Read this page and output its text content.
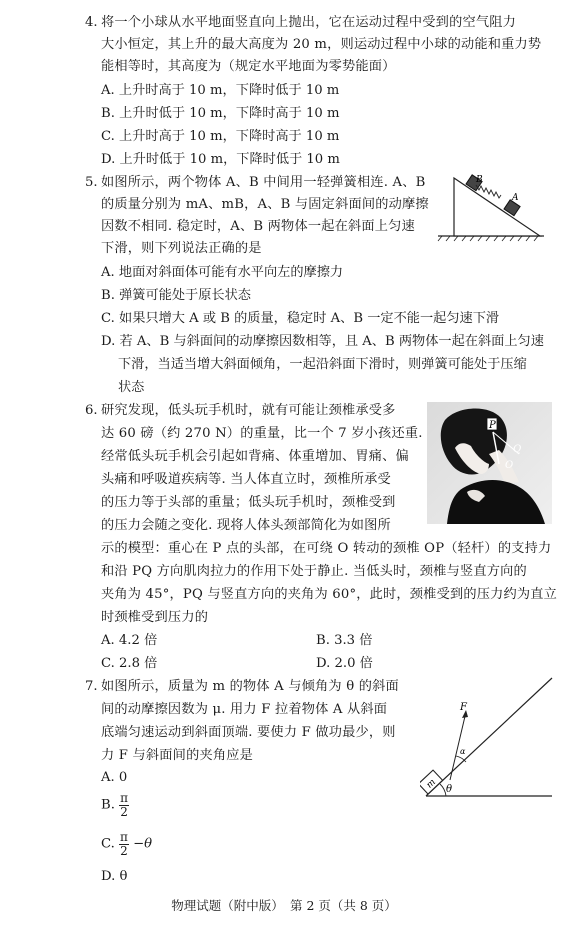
4. 将一个小球从水平地面竖直向上抛出，它在运动过程中受到的空气阻力
大小恒定，其上升的最大高度为 20 m，则运动过程中小球的动能和重力势
能相等时，其高度为（规定水平地面为零势能面）
A. 上升时高于 10 m，下降时低于 10 m
B. 上升时低于 10 m，下降时高于 10 m
C. 上升时高于 10 m，下降时高于 10 m
D. 上升时低于 10 m，下降时低于 10 m
5. 如图所示，两个物体 A、B 中间用一轻弹簧相连. A、B
的质量分别为 mA、mB，A、B 与固定斜面间的动摩擦
因数不相同. 稳定时，A、B 两物体一起在斜面上匀速
下滑，则下列说法正确的是
B
A
A. 地面对斜面体可能有水平向左的摩擦力
B. 弹簧可能处于原长状态
C. 如果只增大 A 或 B 的质量，稳定时 A、B 一定不能一起匀速下滑
D. 若 A、B 与斜面间的动摩擦因数相等，且 A、B 两物体一起在斜面上匀速
下滑，当适当增大斜面倾角，一起沿斜面下滑时，则弹簧可能处于压缩
状态
6. 研究发现，低头玩手机时，就有可能让颈椎承受多
达 60 磅（约 270 N）的重量，比一个 7 岁小孩还重.
经常低头玩手机会引起如背痛、体重增加、胃痛、偏
头痛和呼吸道疾病等. 当人体直立时，颈椎所承受
的压力等于头部的重量；低头玩手机时，颈椎受到
的压力会随之变化. 现将人体头颈部简化为如图所
示的模型：重心在 P 点的头部，在可绕 O 转动的颈椎 OP（轻杆）的支持力
和沿 PQ 方向肌肉拉力的作用下处于静止. 当低头时，颈椎与竖直方向的
夹角为 45°，PQ 与竖直方向的夹角为 60°，此时，颈椎受到的压力约为直立
时颈椎受到压力的
P
Q
O
A. 4.2 倍	B. 3.3 倍
C. 2.8 倍	D. 2.0 倍
7. 如图所示，质量为 m 的物体 A 与倾角为 θ 的斜面
间的动摩擦因数为 μ. 用力 F 拉着物体 A 从斜面
底端匀速运动到斜面顶端. 要使力 F 做功最少，则
力 F 与斜面间的夹角应是
θ
m
F
α
A. 0
B. $\frac{\pi}{2}$
C. $\frac{\pi}{2} -\theta$
D. θ
物理试题（附中版）　第 2 页（共 8 页）
